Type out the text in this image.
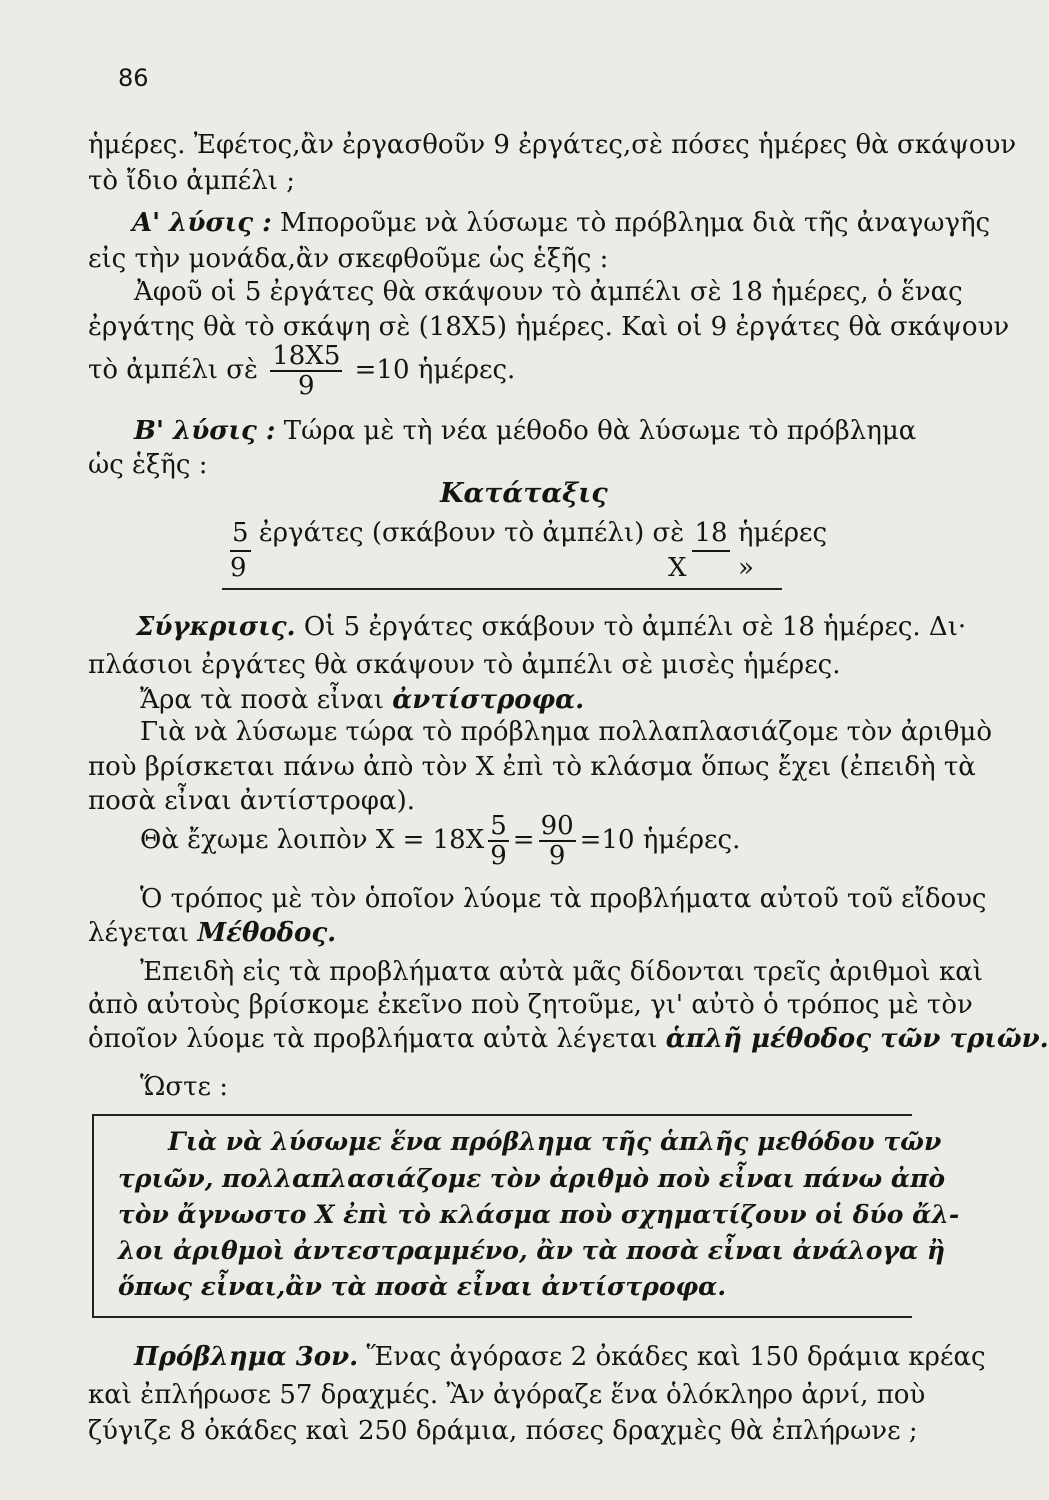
86
ἡμέρες. Ἐφέτος,ἂν ἐργασθοῦν 9 ἐργάτες,σὲ πόσες ἡμέρες θὰ σκάψουν
τὸ ἴδιο ἀμπέλι ;
Α' λύσις : Μποροῦμε νὰ λύσωμε τὸ πρόβλημα διὰ τῆς ἀναγωγῆς
εἰς τὴν μονάδα,ἂν σκεφθοῦμε ὡς ἑξῆς :
Ἀφοῦ οἱ 5 ἐργάτες θὰ σκάψουν τὸ ἀμπέλι σὲ 18 ἡμέρες, ὁ ἕνας
ἐργάτης θὰ τὸ σκάψη σὲ (18Χ5) ἡμέρες. Καὶ οἱ 9 ἐργάτες θὰ σκάψουν
τὸ ἀμπέλι σὲ $\frac{18X5}{9} =10$ ἡμέρες.
Β' λύσις : Τώρα μὲ τὴ νέα μέθοδο θὰ λύσωμε τὸ πρόβλημα
ὡς ἑξῆς :
Κατάταξις
5 ἐργάτες (σκάβουν τὸ ἀμπέλι) σὲ 18 ἡμέρες
9	Χ »
Σύγκρισις. Οἱ 5 ἐργάτες σκάβουν τὸ ἀμπέλι σὲ 18 ἡμέρες. Δι·
πλάσιοι ἐργάτες θὰ σκάψουν τὸ ἀμπέλι σὲ μισὲς ἡμέρες.
Ἄρα τὰ ποσὰ εἶναι ἀντίστροφα.
Γιὰ νὰ λύσωμε τώρα τὸ πρόβλημα πολλαπλασιάζομε τὸν ἀριθμὸ
ποὺ βρίσκεται πάνω ἀπὸ τὸν Χ ἐπὶ τὸ κλάσμα ὅπως ἔχει (ἐπειδὴ τὰ
ποσὰ εἶναι ἀντίστροφα).
Θὰ ἔχωμε λοιπὸν $X = 18X \frac{5}{9} = \frac{90}{9} =10$ ἡμέρες.
Ὁ τρόπος μὲ τὸν ὁποῖον λύομε τὰ προβλήματα αὐτοῦ τοῦ εἴδους
λέγεται Μέθοδος.
Ἐπειδὴ εἰς τὰ προβλήματα αὐτὰ μᾶς δίδονται τρεῖς ἀριθμοὶ καὶ
ἀπὸ αὐτοὺς βρίσκομε ἐκεῖνο ποὺ ζητοῦμε, γι' αὐτὸ ὁ τρόπος μὲ τὸν
ὁποῖον λύομε τὰ προβλήματα αὐτὰ λέγεται ἁπλῆ μέθοδος τῶν τριῶν.
Ὥστε :
Γιὰ νὰ λύσωμε ἕνα πρόβλημα τῆς ἁπλῆς μεθόδου τῶν
τριῶν, πολλαπλασιάζομε τὸν ἀριθμὸ ποὺ εἶναι πάνω ἀπὸ
τὸν ἄγνωστο Χ ἐπὶ τὸ κλάσμα ποὺ σχηματίζουν οἱ δύο ἄλ-
λοι ἀριθμοὶ ἀντεστραμμένο, ἂν τὰ ποσὰ εἶναι ἀνάλογα ἢ
ὅπως εἶναι,ἂν τὰ ποσὰ εἶναι ἀντίστροφα.
Πρόβλημα 3ον. Ἕνας ἀγόρασε 2 ὀκάδες καὶ 150 δράμια κρέας
καὶ ἐπλήρωσε 57 δραχμές. Ἂν ἀγόραζε ἕνα ὁλόκληρο ἀρνί, ποὺ
ζύγιζε 8 ὀκάδες καὶ 250 δράμια, πόσες δραχμὲς θὰ ἐπλήρωνε ;
